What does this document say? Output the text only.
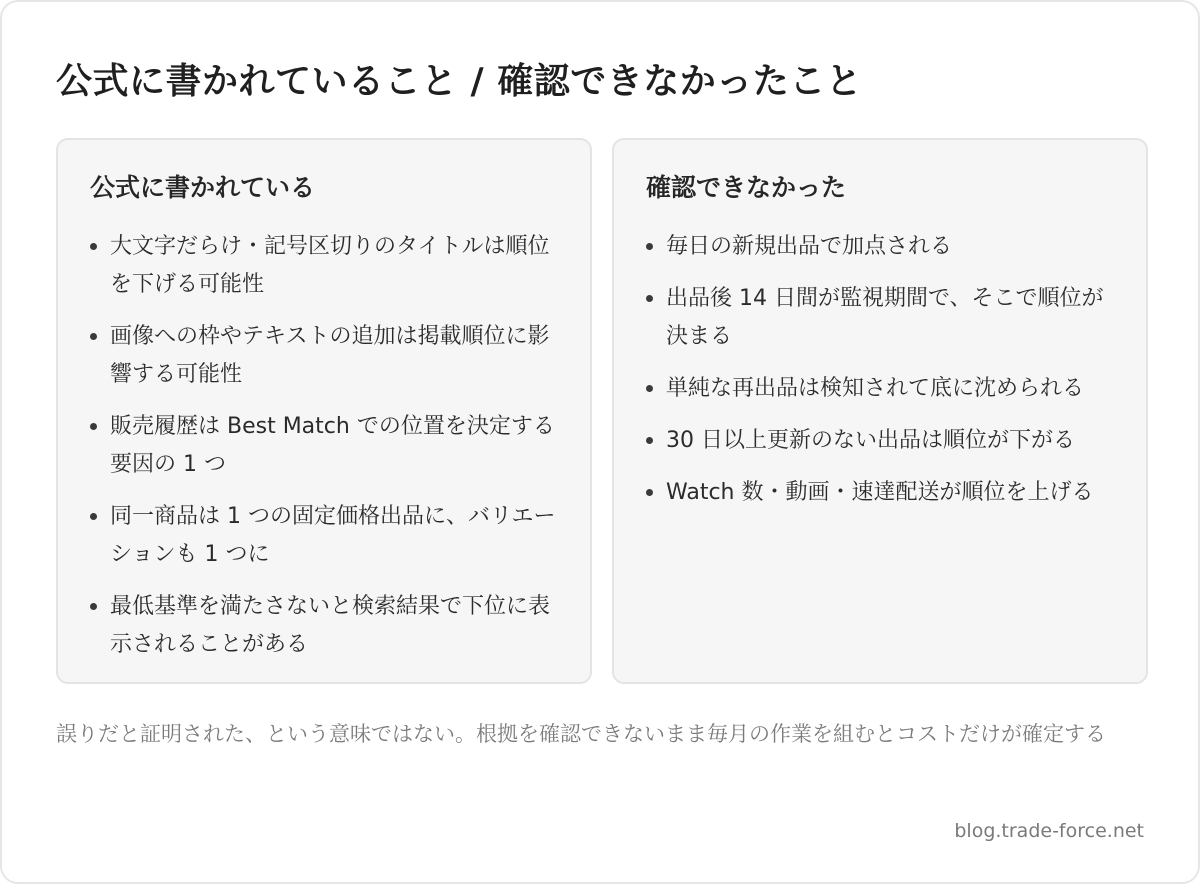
公式に書かれていること / 確認できなかったこと
公式に書かれている
大文字だらけ・記号区切りのタイトルは順位を下げる可能性
画像への枠やテキストの追加は掲載順位に影響する可能性
販売履歴は Best Match での位置を決定する要因の 1 つ
同一商品は 1 つの固定価格出品に、バリエーションも 1 つに
最低基準を満たさないと検索結果で下位に表示されることがある
確認できなかった
毎日の新規出品で加点される
出品後 14 日間が監視期間で、そこで順位が決まる
単純な再出品は検知されて底に沈められる
30 日以上更新のない出品は順位が下がる
Watch 数・動画・速達配送が順位を上げる

誤りだと証明された、という意味ではない。根拠を確認できないまま毎月の作業を組むとコストだけが確定する

blog.trade-force.net
